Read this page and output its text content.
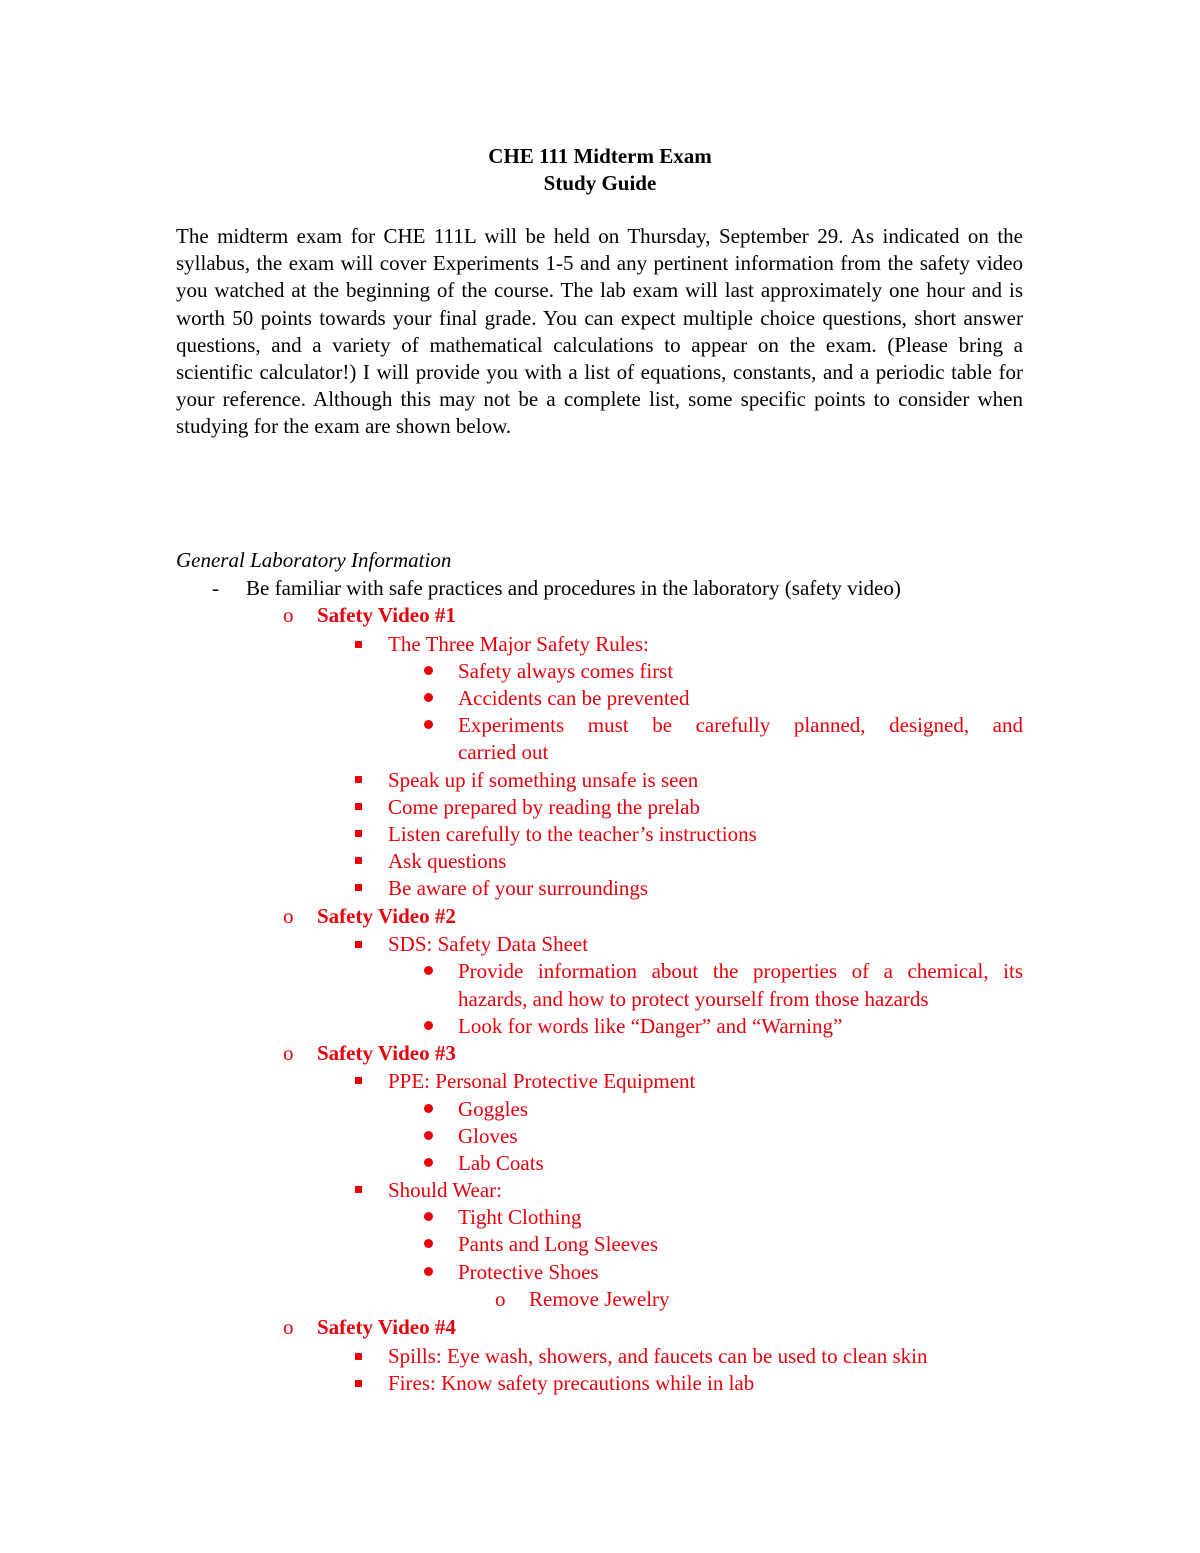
CHE 111 Midterm Exam
Study Guide

The midterm exam for CHE 111L will be held on Thursday, September 29. As indicated on the syllabus, the exam will cover Experiments 1-5 and any pertinent information from the safety video you watched at the beginning of the course. The lab exam will last approximately one hour and is worth 50 points towards your final grade. You can expect multiple choice questions, short answer questions, and a variety of mathematical calculations to appear on the exam. (Please bring a scientific calculator!) I will provide you with a list of equations, constants, and a periodic table for your reference. Although this may not be a complete list, some specific points to consider when studying for the exam are shown below.

General Laboratory Information
- Be familiar with safe practices and procedures in the laboratory (safety video)
o Safety Video #1
The Three Major Safety Rules:
Safety always comes first
Accidents can be prevented
Experiments must be carefully planned, designed, and
carried out
Speak up if something unsafe is seen
Come prepared by reading the prelab
Listen carefully to the teacher’s instructions
Ask questions
Be aware of your surroundings
o Safety Video #2
SDS: Safety Data Sheet
Provide information about the properties of a chemical, its
hazards, and how to protect yourself from those hazards
Look for words like “Danger” and “Warning”
o Safety Video #3
PPE: Personal Protective Equipment
Goggles
Gloves
Lab Coats
Should Wear:
Tight Clothing
Pants and Long Sleeves
Protective Shoes
o Remove Jewelry
o Safety Video #4
Spills: Eye wash, showers, and faucets can be used to clean skin
Fires: Know safety precautions while in lab
